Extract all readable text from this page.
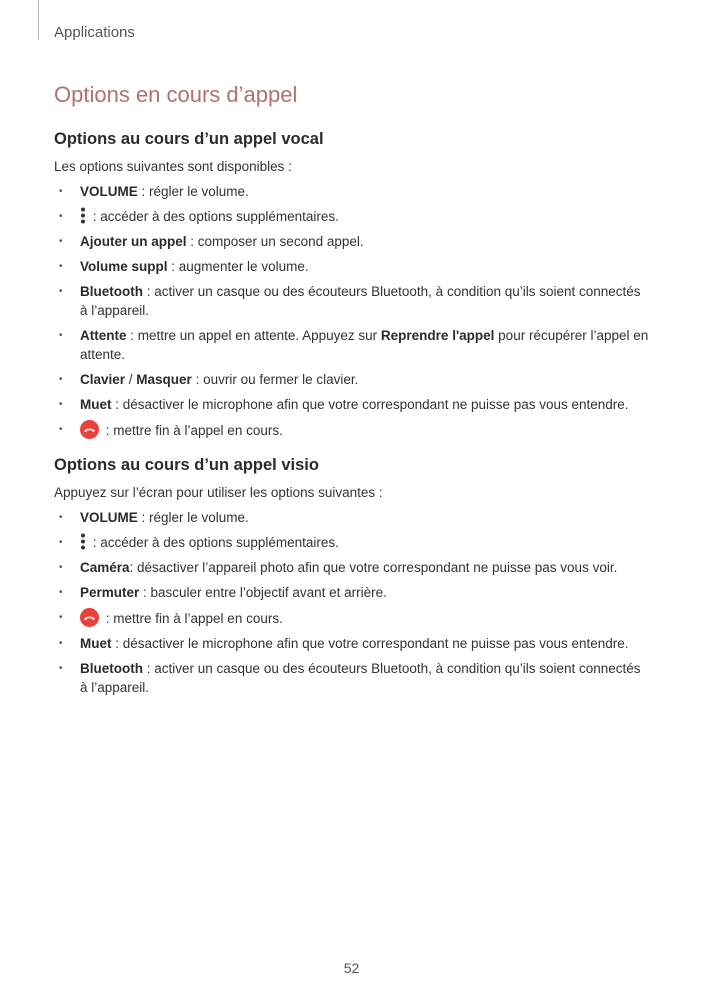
Applications
Options en cours d’appel
Options au cours d’un appel vocal

Les options suivantes sont disponibles :

• VOLUME : régler le volume.
• : accéder à des options supplémentaires.
• Ajouter un appel : composer un second appel.
• Volume suppl : augmenter le volume.
• Bluetooth : activer un casque ou des écouteurs Bluetooth, à condition qu’ils soient connectés à l’appareil.
• Attente : mettre un appel en attente. Appuyez sur Reprendre l'appel pour récupérer l’appel en attente.
• Clavier / Masquer : ouvrir ou fermer le clavier.
• Muet : désactiver le microphone afin que votre correspondant ne puisse pas vous entendre.
• : mettre fin à l’appel en cours.
Options au cours d’un appel visio

Appuyez sur l’écran pour utiliser les options suivantes :

• VOLUME : régler le volume.
• : accéder à des options supplémentaires.
• Caméra: désactiver l’appareil photo afin que votre correspondant ne puisse pas vous voir.
• Permuter : basculer entre l’objectif avant et arrière.
• : mettre fin à l’appel en cours.
• Muet : désactiver le microphone afin que votre correspondant ne puisse pas vous entendre.
• Bluetooth : activer un casque ou des écouteurs Bluetooth, à condition qu’ils soient connectés à l’appareil.
52
